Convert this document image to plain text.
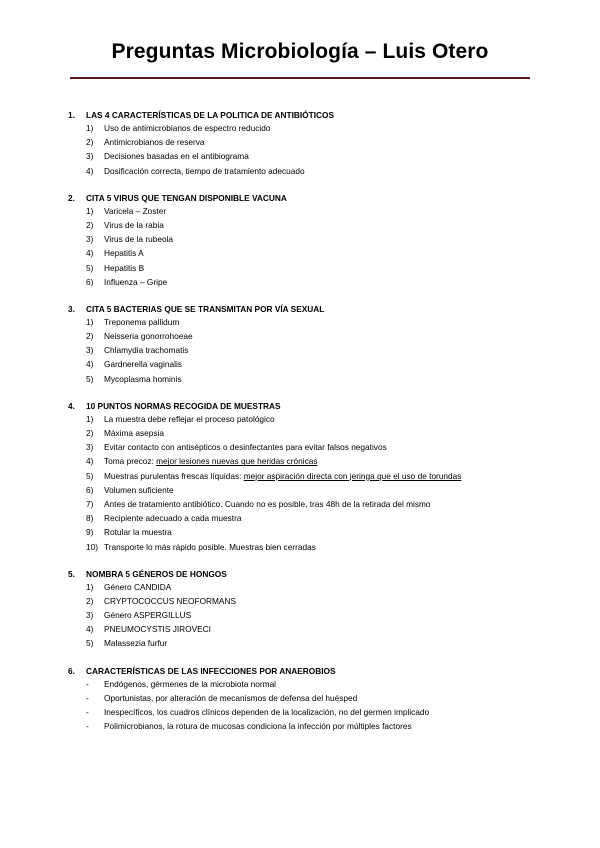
Preguntas Microbiología – Luis Otero
1. LAS 4 CARACTERÍSTICAS DE LA POLITICA DE ANTIBIÓTICOS
1) Uso de antimicrobianos de espectro reducido
2) Antimicrobianos de reserva
3) Decisiones basadas en el antibiograma
4) Dosificación correcta, tiempo de tratamiento adecuado
2. CITA 5 VIRUS QUE TENGAN DISPONIBLE VACUNA
1) Varicela – Zoster
2) Virus de la rabia
3) Virus de la rubeola
4) Hepatitis A
5) Hepatitis B
6) Influenza – Gripe
3. CITA 5 BACTERIAS QUE SE TRANSMITAN POR VÍA SEXUAL
1) Treponema pallidum
2) Neisseria gonorrohoeae
3) Chlamydia trachomatis
4) Gardnerella vaginalis
5) Mycoplasma hominis
4. 10 PUNTOS NORMAS RECOGIDA DE MUESTRAS
1) La muestra debe reflejar el proceso patológico
2) Máxima asepsia
3) Evitar contacto con antisépticos o desinfectantes para evitar falsos negativos
4) Toma precoz: mejor lesiones nuevas que heridas crónicas
5) Muestras purulentas frescas líquidas: mejor aspiración directa con jeringa que el uso de torundas
6) Volumen suficiente
7) Antes de tratamiento antibiótico. Cuando no es posible, tras 48h de la retirada del mismo
8) Recipiente adecuado a cada muestra
9) Rotular la muestra
10) Transporte lo más rápido posible. Muestras bien cerradas
5. NOMBRA 5 GÉNEROS DE HONGOS
1) Género CANDIDA
2) CRYPTOCOCCUS NEOFORMANS
3) Género ASPERGILLUS
4) PNEUMOCYSTIS JIROVECI
5) Malassezia furfur
6. CARACTERÍSTICAS DE LAS INFECCIONES POR ANAEROBIOS
- Endógenos, gérmenes de la microbiota normal
- Oportunistas, por alteración de mecanismos de defensa del huésped
- Inespecíficos, los cuadros clínicos dependen de la localización, no del germen implicado
- Polimicrobianos, la rotura de mucosas condiciona la infección por múltiples factores
